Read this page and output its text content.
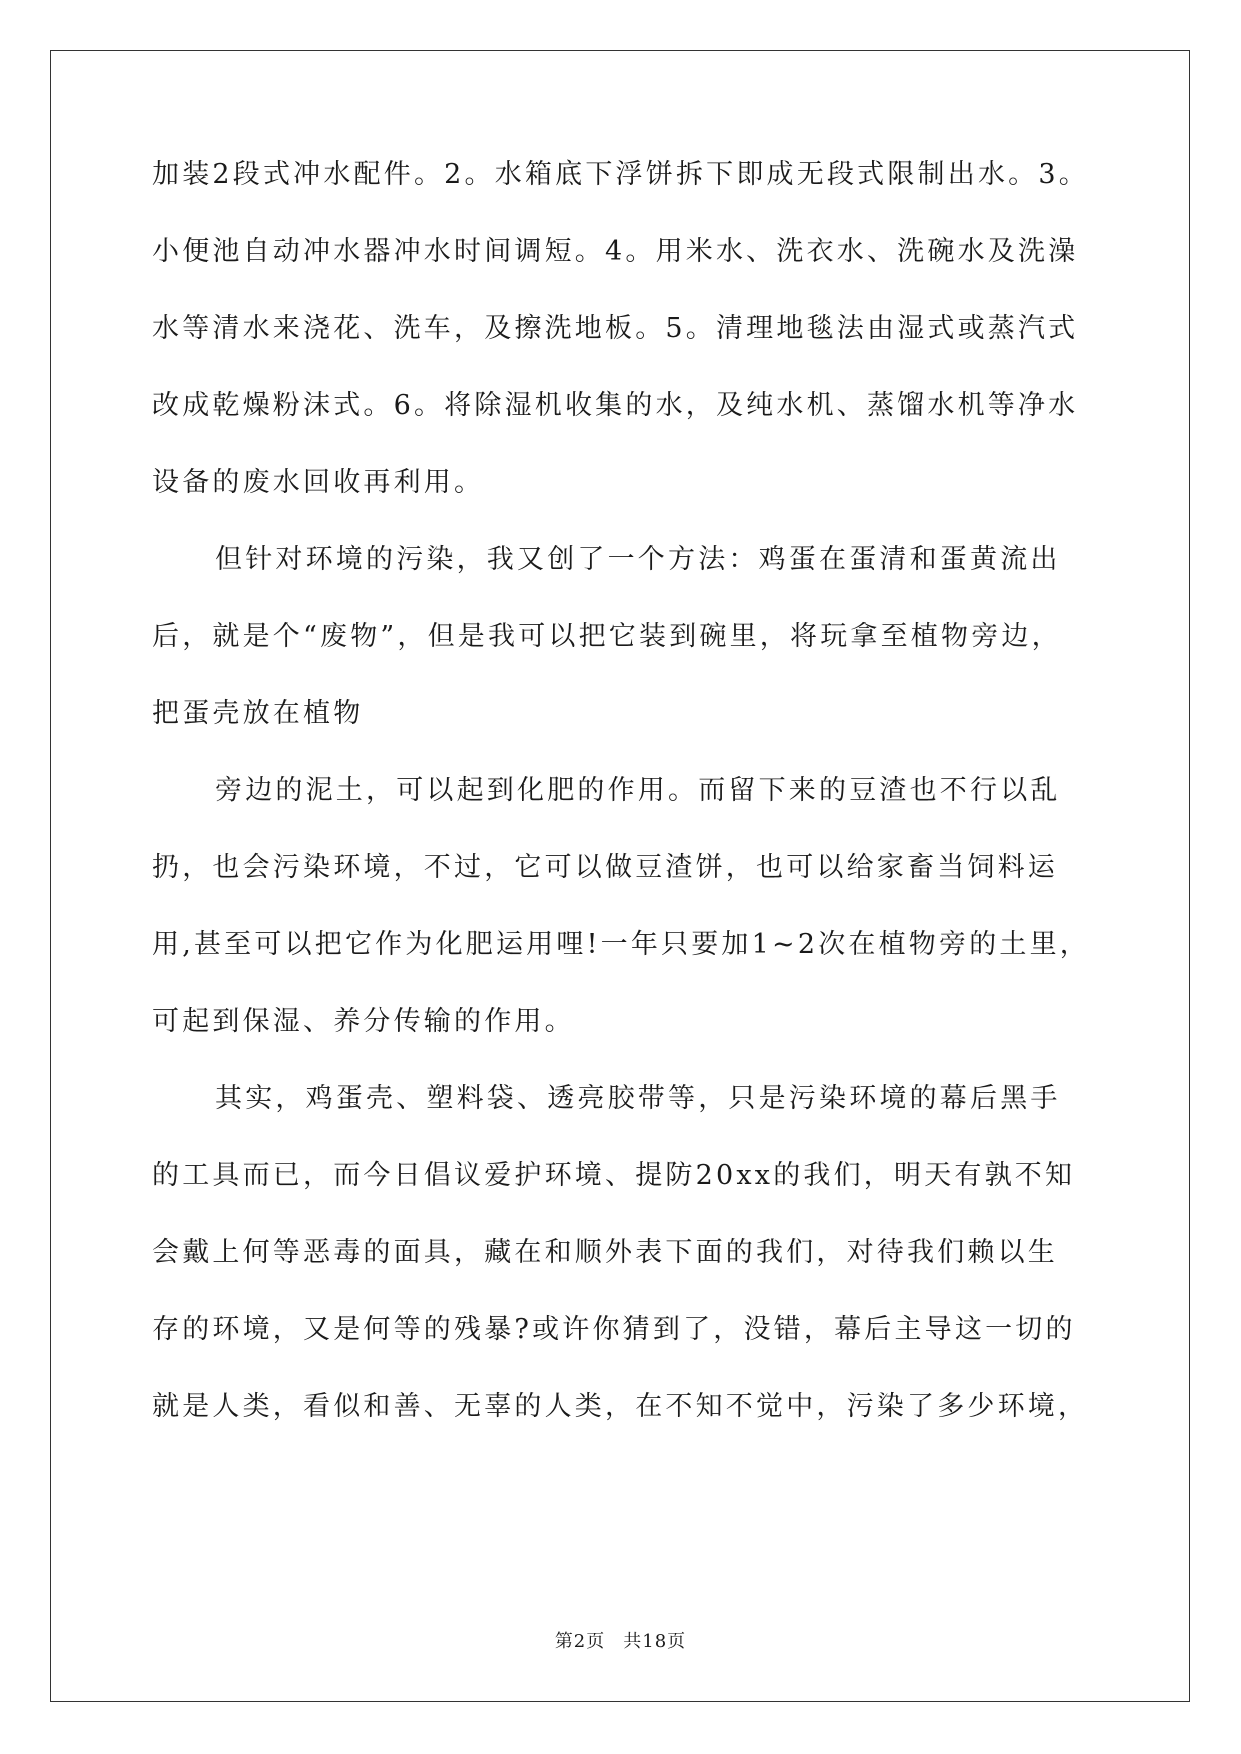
加装2段式冲水配件。2。水箱底下浮饼拆下即成无段式限制出水。3。
小便池自动冲水器冲水时间调短。4。用米水、洗衣水、洗碗水及洗澡
水等清水来浇花、洗车，及擦洗地板。5。清理地毯法由湿式或蒸汽式
改成乾燥粉沫式。6。将除湿机收集的水，及纯水机、蒸馏水机等净水
设备的废水回收再利用。
但针对环境的污染，我又创了一个方法：鸡蛋在蛋清和蛋黄流出
后，就是个“废物”，但是我可以把它装到碗里，将玩拿至植物旁边，
把蛋壳放在植物
旁边的泥土，可以起到化肥的作用。而留下来的豆渣也不行以乱
扔，也会污染环境，不过，它可以做豆渣饼，也可以给家畜当饲料运
用,甚至可以把它作为化肥运用哩!一年只要加1~2次在植物旁的土里，
可起到保湿、养分传输的作用。
其实，鸡蛋壳、塑料袋、透亮胶带等，只是污染环境的幕后黑手
的工具而已，而今日倡议爱护环境、提防20xx的我们，明天有孰不知
会戴上何等恶毒的面具，藏在和顺外表下面的我们，对待我们赖以生
存的环境，又是何等的残暴?或许你猜到了，没错，幕后主导这一切的
就是人类，看似和善、无辜的人类，在不知不觉中，污染了多少环境，
第2页 共18页
